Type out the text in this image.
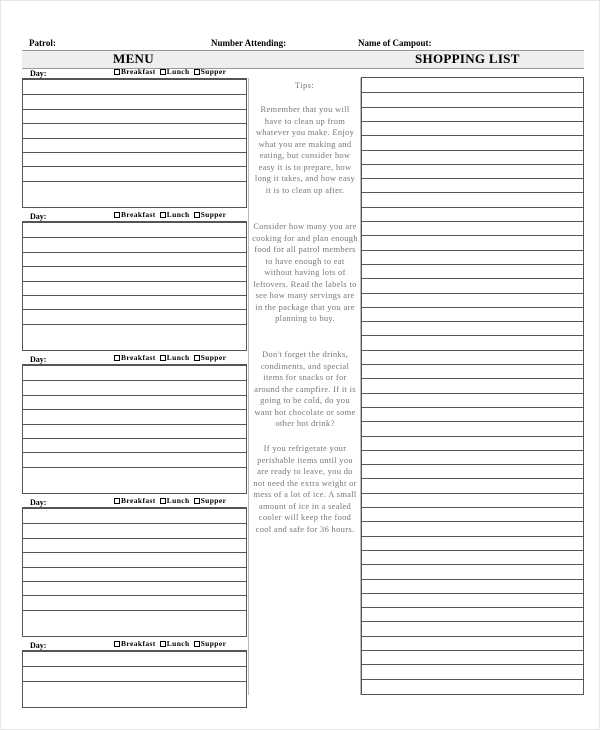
Patrol:	Number Attending:	Name of Campout:
MENU	SHOPPING LIST
Day:	Breakfast Lunch Supper
Day:	Breakfast Lunch Supper
Day:	Breakfast Lunch Supper
Day:	Breakfast Lunch Supper
Day:	Breakfast Lunch Supper
Tips:
Remember that you will have to clean up from whatever you make. Enjoy what you are making and eating, but consider how easy it is to prepare, how long it takes, and how easy it is to clean up after.
Consider how many you are cooking for and plan enough food for all patrol members to have enough to eat without having lots of leftovers. Read the labels to see how many servings are in the package that you are planning to buy.
Don't forget the drinks, condiments, and special items for snacks or for around the campfire. If it is going to be cold, do you want hot chocolate or some other hot drink?
If you refrigerate your perishable items until you are ready to leave, you do not need the extra weight or mess of a lot of ice. A small amount of ice in a sealed cooler will keep the food cool and safe for 36 hours.
